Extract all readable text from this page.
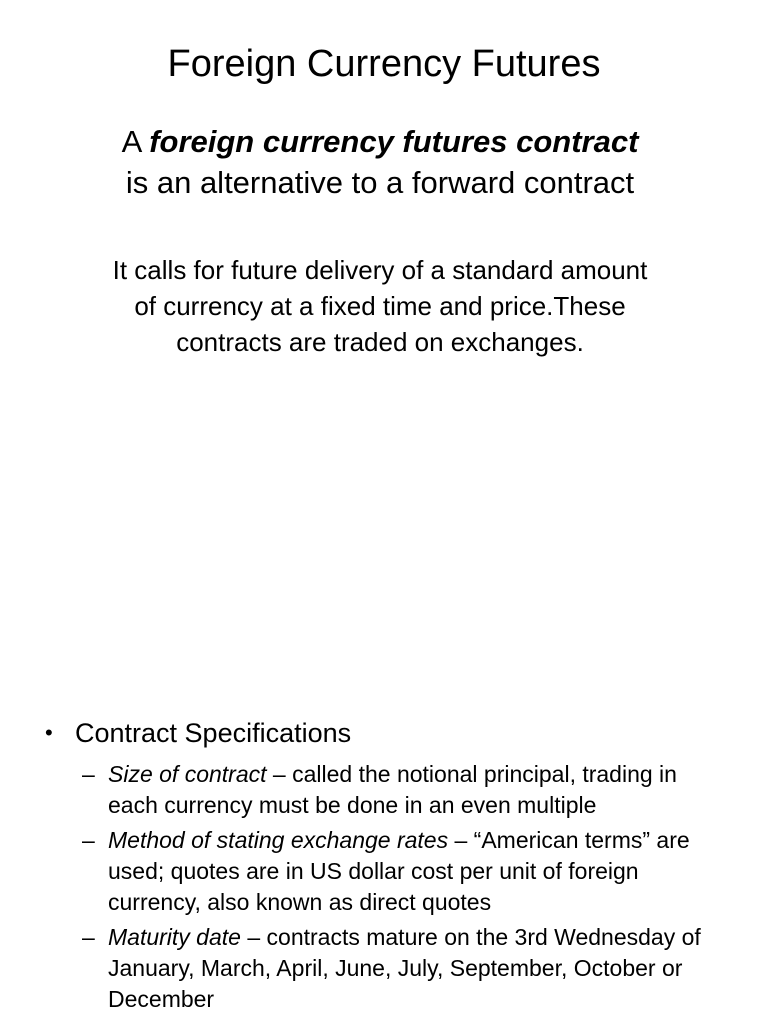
Foreign Currency Futures

A foreign currency futures contract is an alternative to a forward contract

It calls for future delivery of a standard amount of currency at a fixed time and price.These contracts are traded on exchanges.

• Contract Specifications
– Size of contract – called the notional principal, trading in each currency must be done in an even multiple
– Method of stating exchange rates – “American terms” are used; quotes are in US dollar cost per unit of foreign currency, also known as direct quotes
– Maturity date – contracts mature on the 3rd Wednesday of January, March, April, June, July, September, October or December
